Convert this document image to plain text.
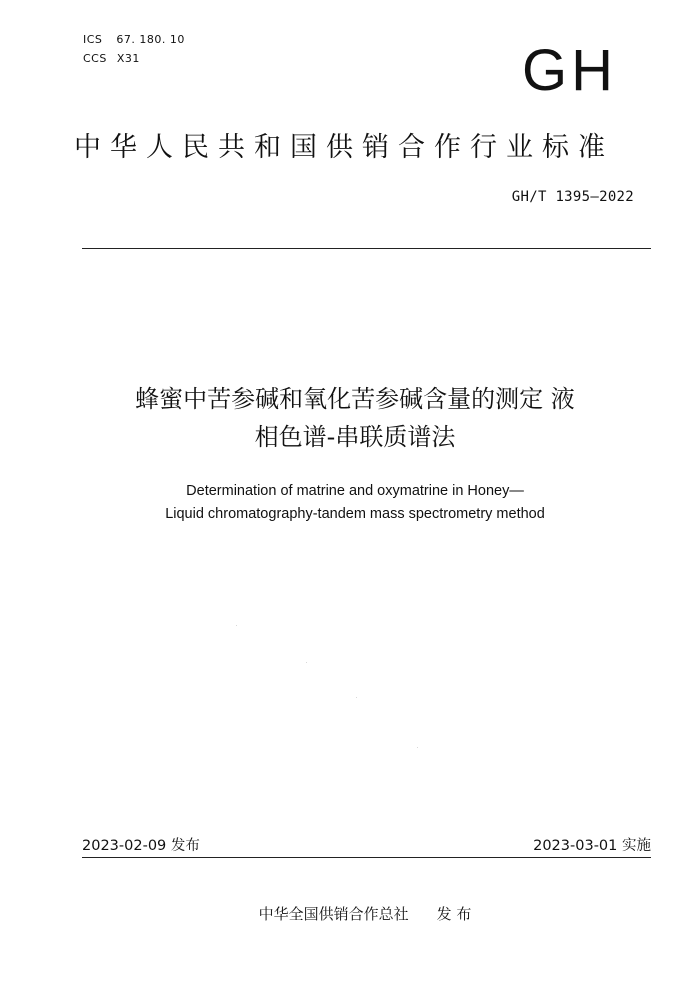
ICS 67. 180. 10
CCS X31	GH
中华人民共和国供销合作行业标准
GH/T 1395—2022
蜂蜜中苦参碱和氧化苦参碱含量的测定 液
相色谱-串联质谱法
Determination of matrine and oxymatrine in Honey—
Liquid chromatography-tandem mass spectrometry method
2023-02-09 发布	2023-03-01 实施
中华全国供销合作总社 发 布
